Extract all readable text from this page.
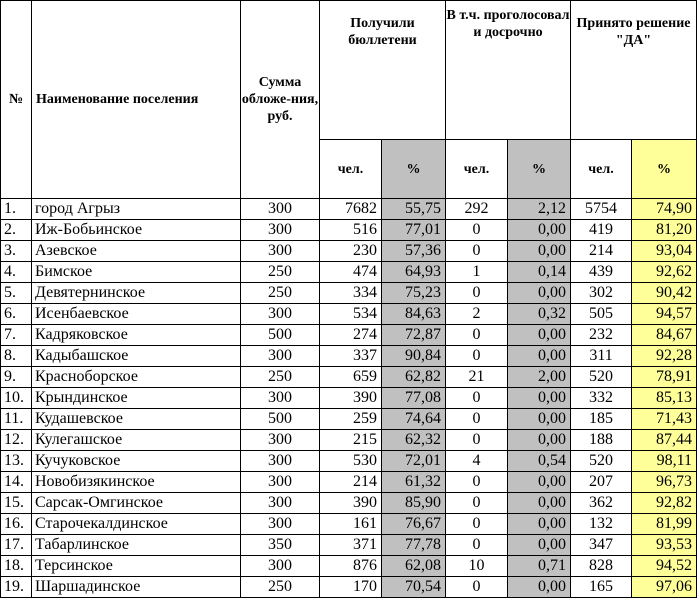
№	Наименование поселения	Сумма обложе-ния, руб.	Получили бюллетени		В т.ч. проголосовал и досрочно		Принято решение "ДА"	
			чел.	%	чел.	%	чел.	%
1.	город Агрыз	300	7682	55,75	292	2,12	5754	74,90
2.	Иж-Бобьинское	300	516	77,01	0	0,00	419	81,20
3.	Азевское	300	230	57,36	0	0,00	214	93,04
4.	Бимское	250	474	64,93	1	0,14	439	92,62
5.	Девятернинское	250	334	75,23	0	0,00	302	90,42
6.	Исенбаевское	300	534	84,63	2	0,32	505	94,57
7.	Кадряковское	500	274	72,87	0	0,00	232	84,67
8.	Кадыбашское	300	337	90,84	0	0,00	311	92,28
9.	Красноборское	250	659	62,82	21	2,00	520	78,91
10.	Крындинское	300	390	77,08	0	0,00	332	85,13
11.	Кудашевское	500	259	74,64	0	0,00	185	71,43
12.	Кулегашское	300	215	62,32	0	0,00	188	87,44
13.	Кучуковское	300	530	72,01	4	0,54	520	98,11
14.	Новобизякинское	300	214	61,32	0	0,00	207	96,73
15.	Сарсак-Омгинское	300	390	85,90	0	0,00	362	92,82
16.	Старочекалдинское	300	161	76,67	0	0,00	132	81,99
17.	Табарлинское	350	371	77,78	0	0,00	347	93,53
18.	Терсинское	300	876	62,08	10	0,71	828	94,52
19.	Шаршадинское	250	170	70,54	0	0,00	165	97,06
